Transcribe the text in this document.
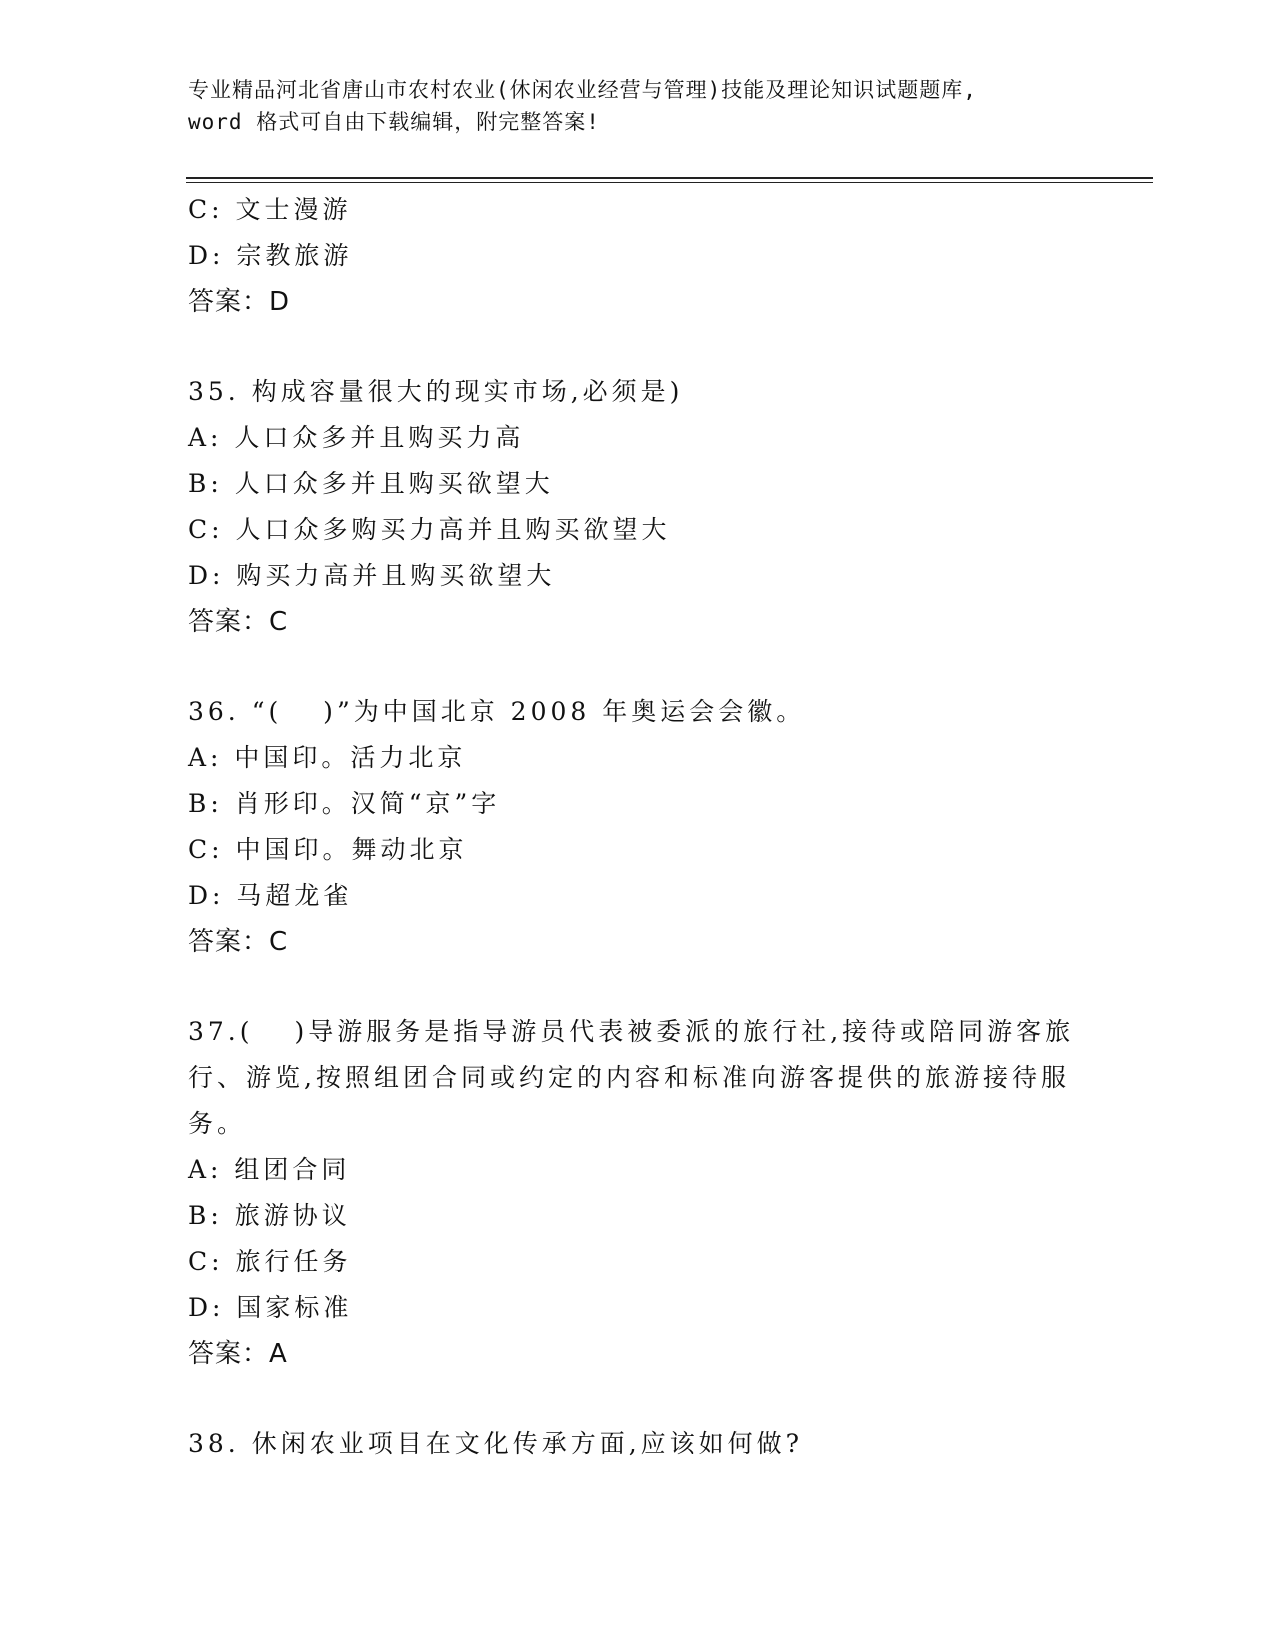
专业精品河北省唐山市农村农业(休闲农业经营与管理)技能及理论知识试题题库,
word 格式可自由下载编辑，附完整答案!
C: 文士漫游
D: 宗教旅游
答案：D
35. 构成容量很大的现实市场,必须是)
A: 人口众多并且购买力高
B: 人口众多并且购买欲望大
C: 人口众多购买力高并且购买欲望大
D: 购买力高并且购买欲望大
答案：C
36. “(　 )”为中国北京 2008 年奥运会会徽。
A: 中国印。活力北京
B: 肖形印。汉简“京”字
C: 中国印。舞动北京
D: 马超龙雀
答案：C
37.(　 )导游服务是指导游员代表被委派的旅行社,接待或陪同游客旅行、游览,按照组团合同或约定的内容和标准向游客提供的旅游接待服务。
A: 组团合同
B: 旅游协议
C: 旅行任务
D: 国家标准
答案：A
38. 休闲农业项目在文化传承方面,应该如何做?
